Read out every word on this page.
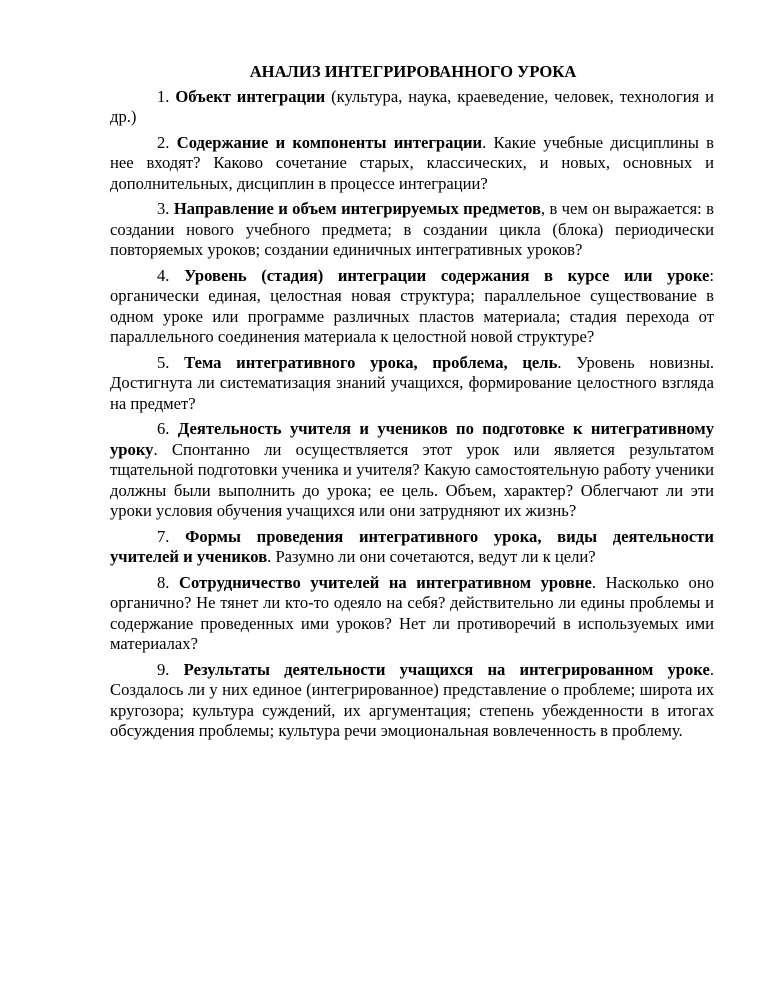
АНАЛИЗ ИНТЕГРИРОВАННОГО УРОКА

1. Объект интеграции (культура, наука, краеведение, человек, технология и др.)

2. Содержание и компоненты интеграции. Какие учебные дисциплины в нее входят? Каково сочетание старых, классических, и новых, основных и дополнительных, дисциплин в процессе интеграции?

3. Направление и объем интегрируемых предметов, в чем он выражается: в создании нового учебного предмета; в создании цикла (блока) периодически повторяемых уроков; создании единичных интегративных уроков?

4. Уровень (стадия) интеграции содержания в курсе или уроке: органически единая, целостная новая структура; параллельное существование в одном уроке или программе различных пластов материала; стадия перехода от параллельного соединения материала к целостной новой структуре?

5. Тема интегративного урока, проблема, цель. Уровень новизны. Достигнута ли систематизация знаний учащихся, формирование целостного взгляда на предмет?

6. Деятельность учителя и учеников по подготовке к нитегративному уроку. Спонтанно ли осуществляется этот урок или является результатом тщательной подготовки ученика и учителя? Какую самостоятельную работу ученики должны были выполнить до урока; ее цель. Объем, характер? Облегчают ли эти уроки условия обучения учащихся или они затрудняют их жизнь?

7. Формы проведения интегративного урока, виды деятельности учителей и учеников. Разумно ли они сочетаются, ведут ли к цели?

8. Сотрудничество учителей на интегративном уровне. Насколько оно органично? Не тянет ли кто-то одеяло на себя? действительно ли едины проблемы и содержание проведенных ими уроков? Нет ли противоречий в используемых ими материалах?

9. Результаты деятельности учащихся на интегрированном уроке. Создалось ли у них единое (интегрированное) представление о проблеме; широта их кругозора; культура суждений, их аргументация; степень убежденности в итогах обсуждения проблемы; культура речи эмоциональная вовлеченность в проблему.
